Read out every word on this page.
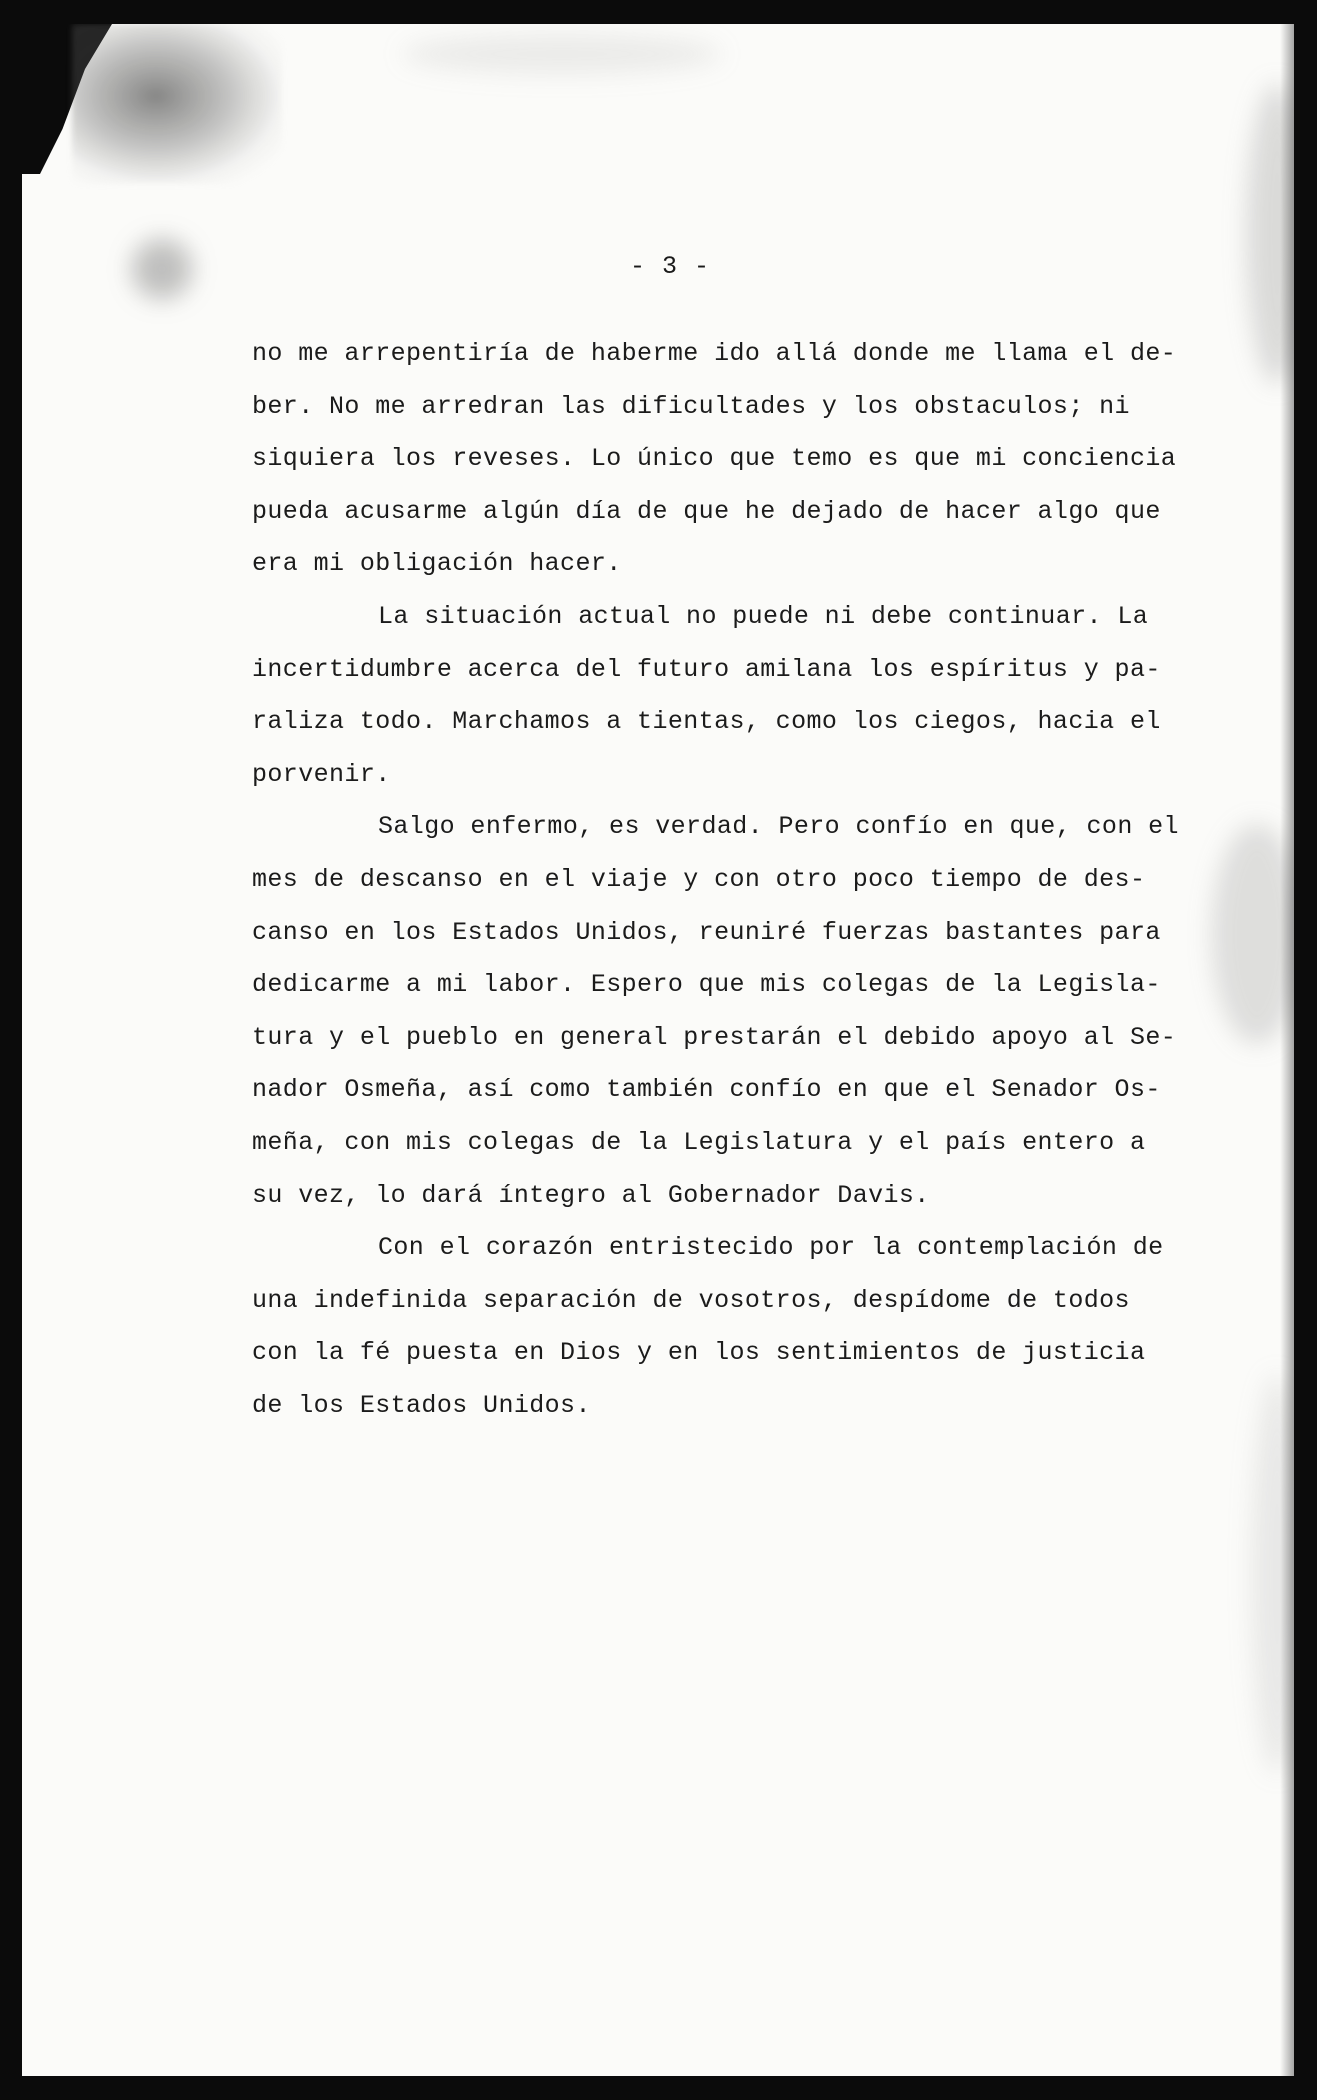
- 3 -
no me arrepentiría de haberme ido allá donde me llama el de-
ber. No me arredran las dificultades y los obstaculos; ni
siquiera los reveses. Lo único que temo es que mi conciencia
pueda acusarme algún día de que he dejado de hacer algo que
era mi obligación hacer.
La situación actual no puede ni debe continuar. La
incertidumbre acerca del futuro amilana los espíritus y pa-
raliza todo. Marchamos a tientas, como los ciegos, hacia el
porvenir.
Salgo enfermo, es verdad. Pero confío en que, con el
mes de descanso en el viaje y con otro poco tiempo de des-
canso en los Estados Unidos, reuniré fuerzas bastantes para
dedicarme a mi labor. Espero que mis colegas de la Legisla-
tura y el pueblo en general prestarán el debido apoyo al Se-
nador Osmeña, así como también confío en que el Senador Os-
meña, con mis colegas de la Legislatura y el país entero a
su vez, lo dará íntegro al Gobernador Davis.
Con el corazón entristecido por la contemplación de
una indefinida separación de vosotros, despídome de todos
con la fé puesta en Dios y en los sentimientos de justicia
de los Estados Unidos.
